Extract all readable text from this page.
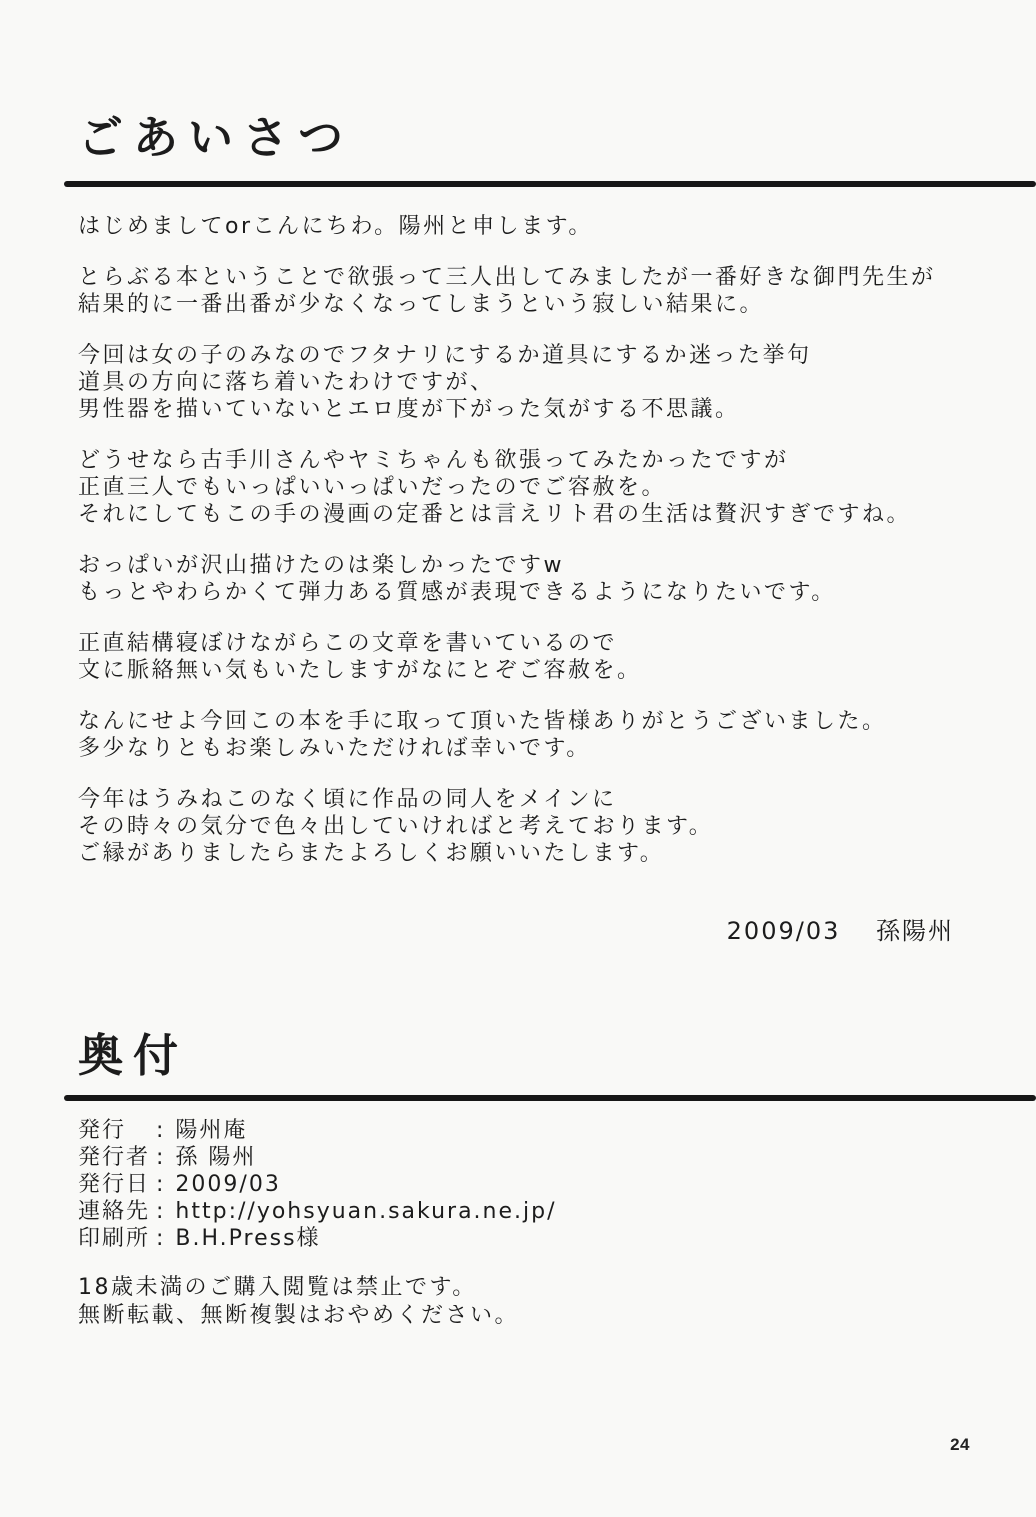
ごあいさつ

はじめましてorこんにちわ。陽州と申します。

とらぶる本ということで欲張って三人出してみましたが一番好きな御門先生が
結果的に一番出番が少なくなってしまうという寂しい結果に。

今回は女の子のみなのでフタナリにするか道具にするか迷った挙句
道具の方向に落ち着いたわけですが、
男性器を描いていないとエロ度が下がった気がする不思議。

どうせなら古手川さんやヤミちゃんも欲張ってみたかったですが
正直三人でもいっぱいいっぱいだったのでご容赦を。
それにしてもこの手の漫画の定番とは言えリト君の生活は贅沢すぎですね。

おっぱいが沢山描けたのは楽しかったですw
もっとやわらかくて弾力ある質感が表現できるようになりたいです。

正直結構寝ぼけながらこの文章を書いているので
文に脈絡無い気もいたしますがなにとぞご容赦を。

なんにせよ今回この本を手に取って頂いた皆様ありがとうございました。
多少なりともお楽しみいただければ幸いです。

今年はうみねこのなく頃に作品の同人をメインに
その時々の気分で色々出していければと考えております。
ご縁がありましたらまたよろしくお願いいたします。

2009/03 孫陽州
奥付
発行 : 陽州庵
発行者 : 孫 陽州
発行日 : 2009/03
連絡先 : http://yohsyuan.sakura.ne.jp/
印刷所 : B.H.Press様
18歳未満のご購入閲覧は禁止です。
無断転載、無断複製はおやめください。
24
